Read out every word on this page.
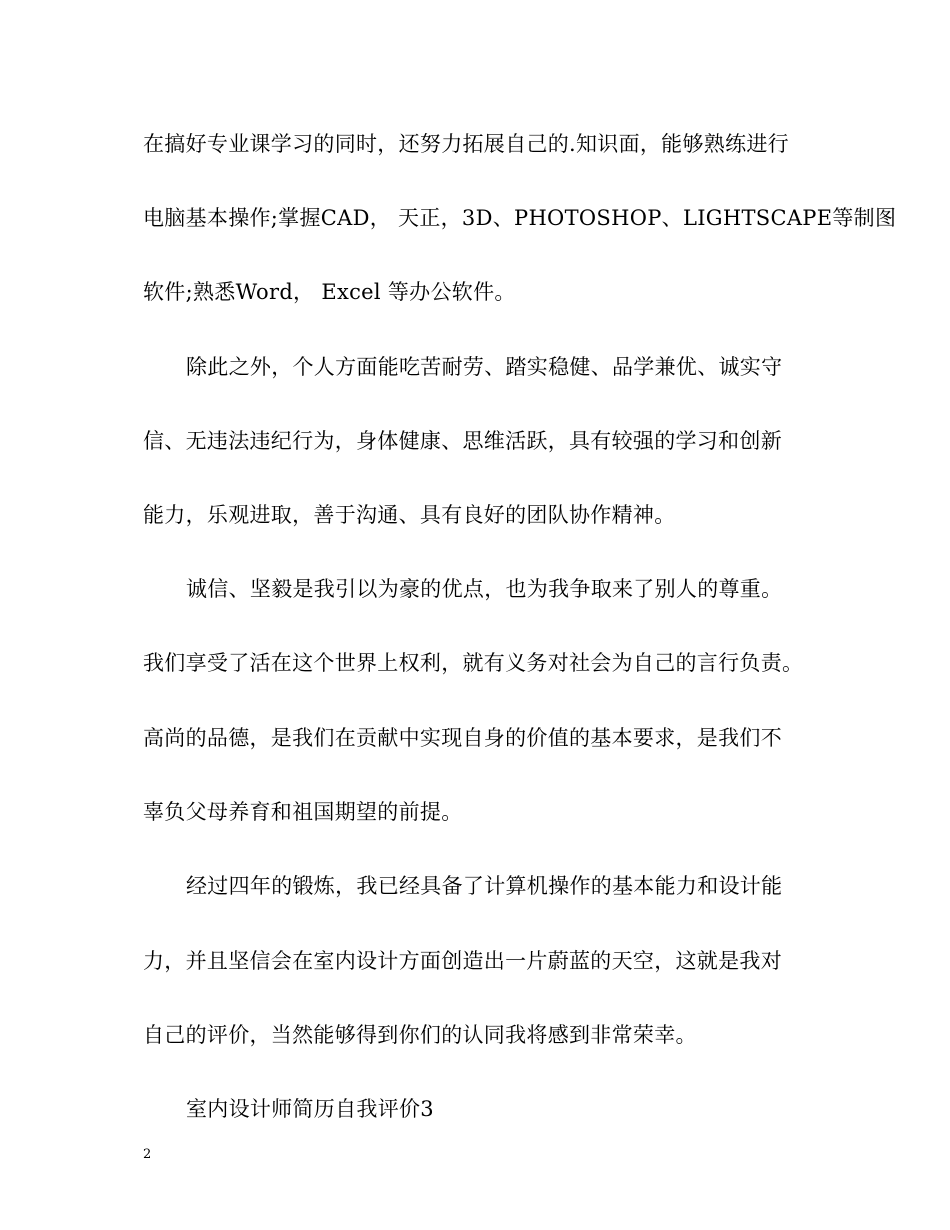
在搞好专业课学习的同时，还努力拓展自己的.知识面，能够熟练进行
电脑基本操作;掌握CAD， 天正，3D、PHOTOSHOP、LIGHTSCAPE等制图
软件;熟悉Word， Excel 等办公软件。
除此之外，个人方面能吃苦耐劳、踏实稳健、品学兼优、诚实守
信、无违法违纪行为，身体健康、思维活跃，具有较强的学习和创新
能力，乐观进取，善于沟通、具有良好的团队协作精神。
诚信、坚毅是我引以为豪的优点，也为我争取来了别人的尊重。
我们享受了活在这个世界上权利，就有义务对社会为自己的言行负责。
高尚的品德，是我们在贡献中实现自身的价值的基本要求，是我们不
辜负父母养育和祖国期望的前提。
经过四年的锻炼，我已经具备了计算机操作的基本能力和设计能
力，并且坚信会在室内设计方面创造出一片蔚蓝的天空，这就是我对
自己的评价，当然能够得到你们的认同我将感到非常荣幸。
室内设计师简历自我评价3
2
